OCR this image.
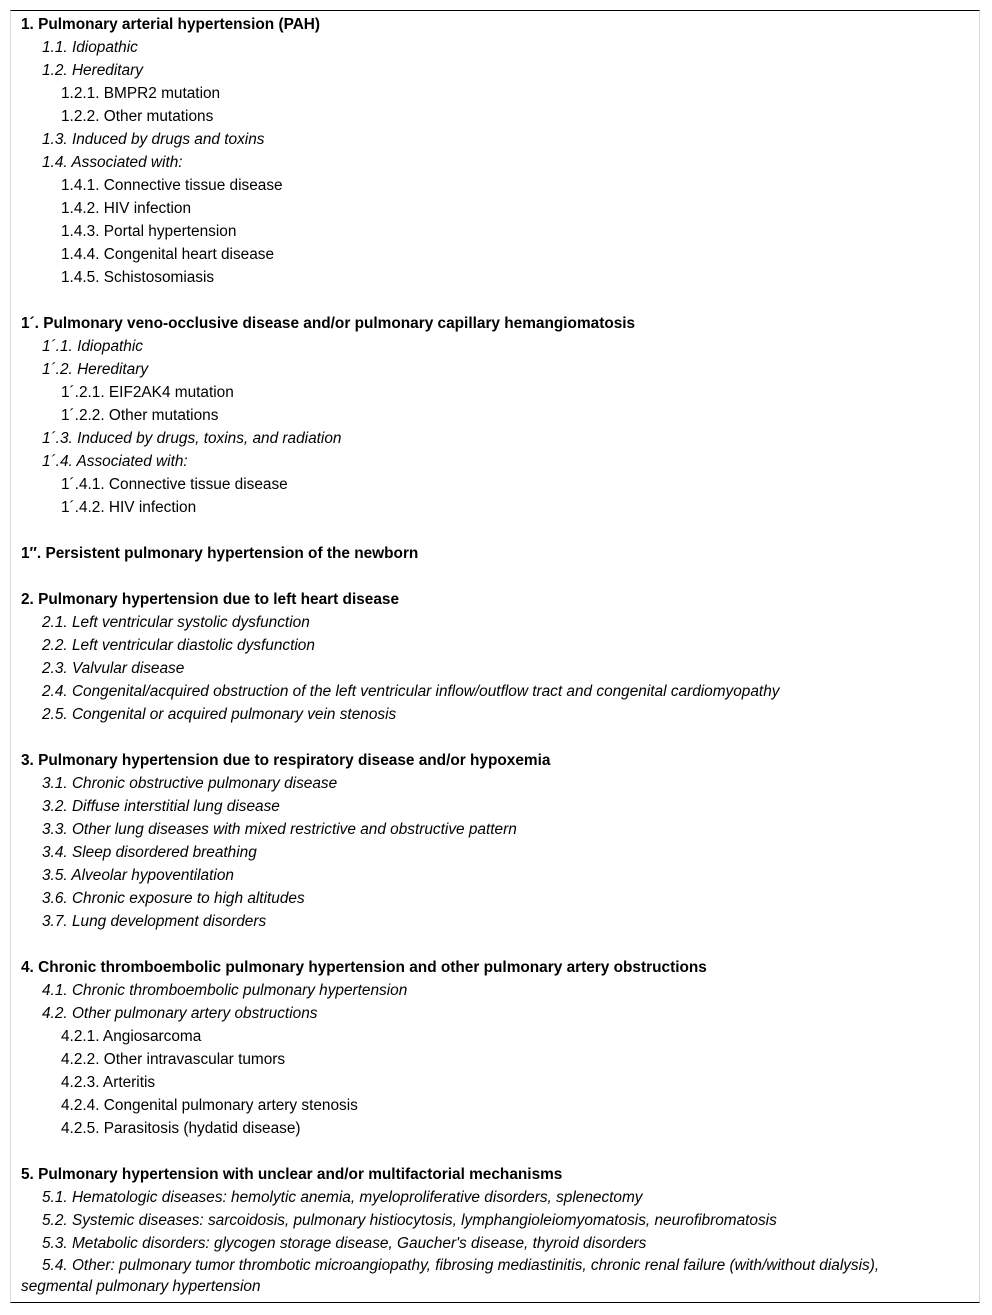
1. Pulmonary arterial hypertension (PAH)
1.1. Idiopathic
1.2. Hereditary
1.2.1. BMPR2 mutation
1.2.2. Other mutations
1.3. Induced by drugs and toxins
1.4. Associated with:
1.4.1. Connective tissue disease
1.4.2. HIV infection
1.4.3. Portal hypertension
1.4.4. Congenital heart disease
1.4.5. Schistosomiasis
1´. Pulmonary veno-occlusive disease and/or pulmonary capillary hemangiomatosis
1´.1. Idiopathic
1´.2. Hereditary
1´.2.1. EIF2AK4 mutation
1´.2.2. Other mutations
1´.3. Induced by drugs, toxins, and radiation
1´.4. Associated with:
1´.4.1. Connective tissue disease
1´.4.2. HIV infection
1″. Persistent pulmonary hypertension of the newborn
2. Pulmonary hypertension due to left heart disease
2.1. Left ventricular systolic dysfunction
2.2. Left ventricular diastolic dysfunction
2.3. Valvular disease
2.4. Congenital/acquired obstruction of the left ventricular inflow/outflow tract and congenital cardiomyopathy
2.5. Congenital or acquired pulmonary vein stenosis
3. Pulmonary hypertension due to respiratory disease and/or hypoxemia
3.1. Chronic obstructive pulmonary disease
3.2. Diffuse interstitial lung disease
3.3. Other lung diseases with mixed restrictive and obstructive pattern
3.4. Sleep disordered breathing
3.5. Alveolar hypoventilation
3.6. Chronic exposure to high altitudes
3.7. Lung development disorders
4. Chronic thromboembolic pulmonary hypertension and other pulmonary artery obstructions
4.1. Chronic thromboembolic pulmonary hypertension
4.2. Other pulmonary artery obstructions
4.2.1. Angiosarcoma
4.2.2. Other intravascular tumors
4.2.3. Arteritis
4.2.4. Congenital pulmonary artery stenosis
4.2.5. Parasitosis (hydatid disease)
5. Pulmonary hypertension with unclear and/or multifactorial mechanisms
5.1. Hematologic diseases: hemolytic anemia, myeloproliferative disorders, splenectomy
5.2. Systemic diseases: sarcoidosis, pulmonary histiocytosis, lymphangioleiomyomatosis, neurofibromatosis
5.3. Metabolic disorders: glycogen storage disease, Gaucher's disease, thyroid disorders
5.4. Other: pulmonary tumor thrombotic microangiopathy, fibrosing mediastinitis, chronic renal failure (with/without dialysis), segmental pulmonary hypertension
